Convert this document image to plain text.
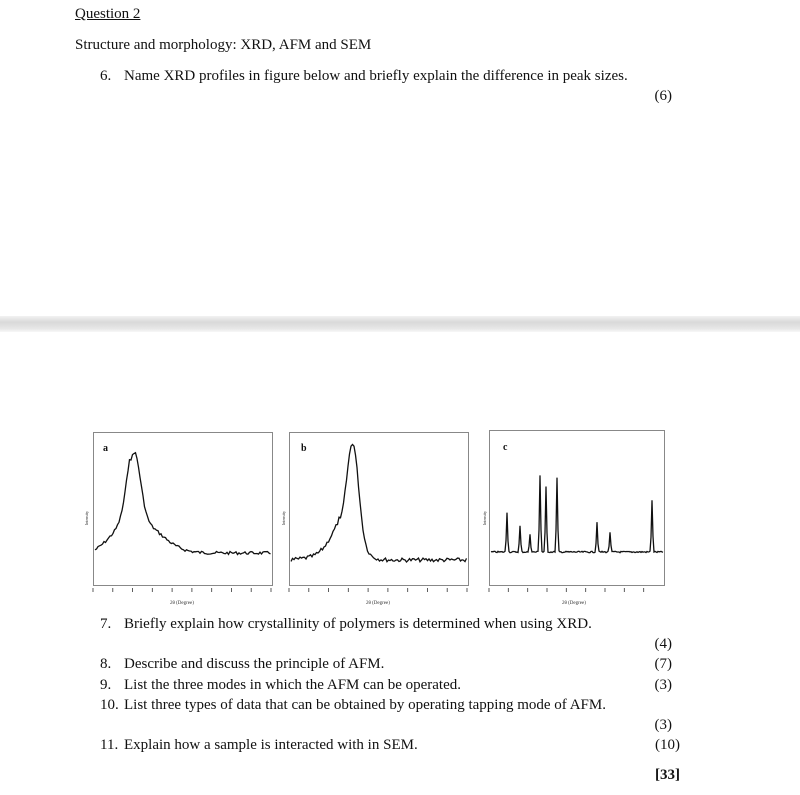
Question 2
Structure and morphology: XRD, AFM and SEM
6. Name XRD profiles in figure below and briefly explain the difference in peak sizes.
(6)
a	b	c
Intensity	Intensity	Intensity
2θ (Degree)	2θ (Degree)	2θ (Degree)
7. Briefly explain how crystallinity of polymers is determined when using XRD.
(4)
8. Describe and discuss the principle of AFM.	(7)
9. List the three modes in which the AFM can be operated.	(3)
10. List three types of data that can be obtained by operating tapping mode of AFM.
(3)
11. Explain how a sample is interacted with in SEM.	(10)
[33]
